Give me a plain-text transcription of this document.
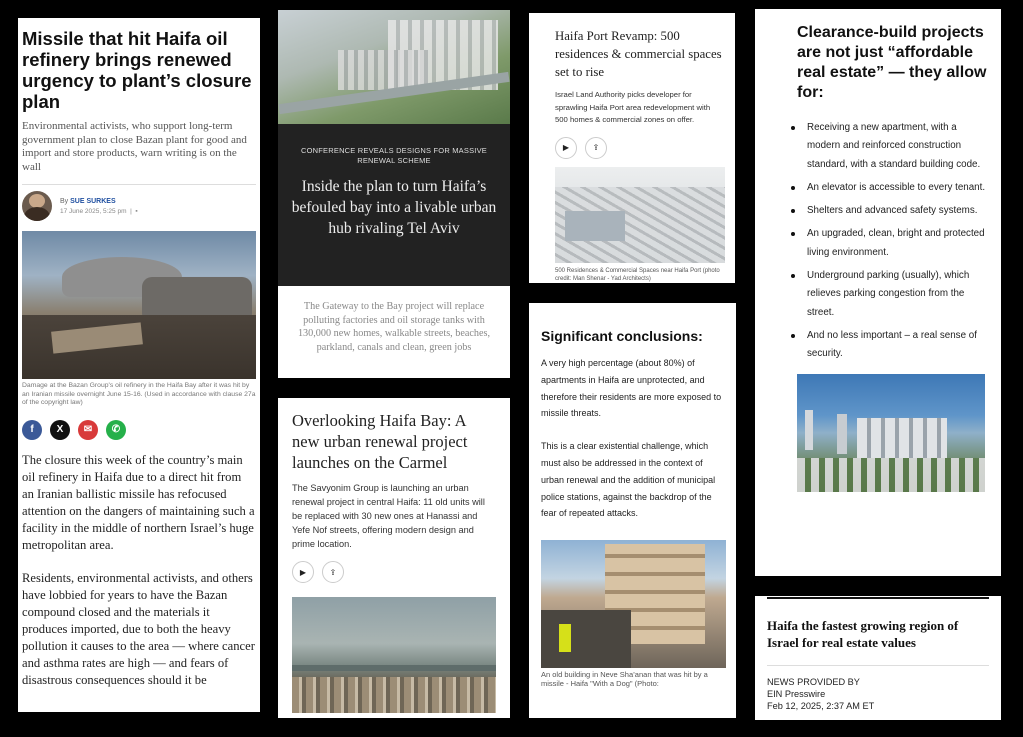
Missile that hit Haifa oil refinery brings renewed urgency to plant’s closure plan
Environmental activists, who support long-term government plan to close Bazan plant for good and import and store products, warn writing is on the wall
By SUE SURKES
17 June 2025, 5:25 pm  |  ▪
Damage at the Bazan Group's oil refinery in the Haifa Bay after it was hit by an Iranian missile overnight June 15-16. (Used in accordance with clause 27a of the copyright law)
f	X	✉	✆

The closure this week of the country’s main oil refinery in Haifa due to a direct hit from an Iranian ballistic missile has refocused attention on the dangers of maintaining such a facility in the middle of northern Israel’s huge metropolitan area.

Residents, environmental activists, and others have lobbied for years to have the Bazan compound closed and the materials it produces imported, due to both the heavy pollution it causes to the area — where cancer and asthma rates are high — and fears of disastrous consequences should it be

CONFERENCE REVEALS DESIGNS FOR MASSIVE RENEWAL SCHEME
Inside the plan to turn Haifa’s befouled bay into a livable urban hub rivaling Tel Aviv
The Gateway to the Bay project will replace polluting factories and oil storage tanks with 130,000 new homes, walkable streets, beaches, parkland, canals and clean, green jobs
Overlooking Haifa Bay: A new urban renewal project launches on the Carmel
The Savyonim Group is launching an urban renewal project in central Haifa: 11 old units will be replaced with 30 new ones at Hanassi and Yefe Nof streets, offering modern design and prime location.
▶	⇪
Haifa Port Revamp: 500 residences & commercial spaces set to rise
Israel Land Authority picks developer for sprawling Haifa Port area redevelopment with 500 homes & commercial zones on offer.
▶	⇪
500 Residences & Commercial Spaces near Haifa Port (photo credit: Man Shenar - Yad Architects)
Significant conclusions:

A very high percentage (about 80%) of apartments in Haifa are unprotected, and therefore their residents are more exposed to missile threats.

This is a clear existential challenge, which must also be addressed in the context of urban renewal and the addition of municipal police stations, against the backdrop of the fear of repeated attacks.

An old building in Neve Sha’anan that was hit by a missile - Haifa "With a Dog" (Photo:
Clearance-build projects are not just “affordable real estate” — they allow for:
Receiving a new apartment, with a modern and reinforced construction standard, with a standard building code.
An elevator is accessible to every tenant.
Shelters and advanced safety systems.
An upgraded, clean, bright and protected living environment.
Underground parking (usually), which relieves parking congestion from the street.
And no less important – a real sense of security.
Haifa the fastest growing region of Israel for real estate values
NEWS PROVIDED BY
EIN Presswire
Feb 12, 2025, 2:37 AM ET
